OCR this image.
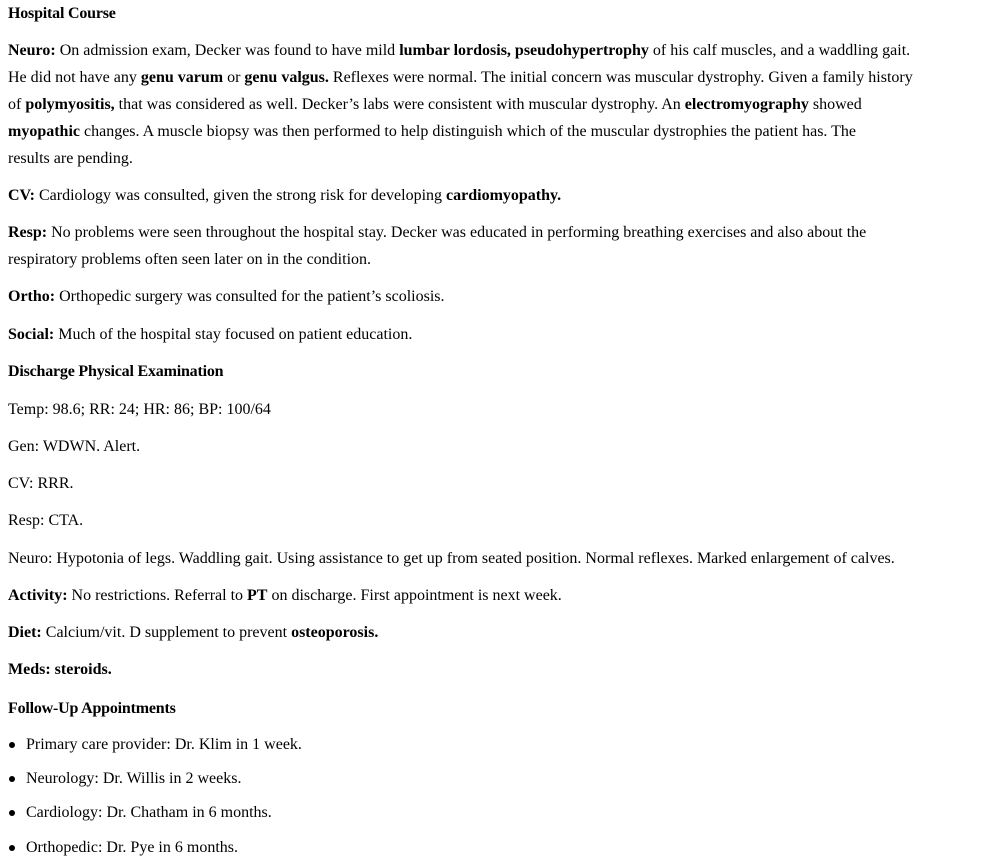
Hospital Course
Neuro: On admission exam, Decker was found to have mild lumbar lordosis, pseudohypertrophy of his calf muscles, and a waddling gait.
He did not have any genu varum or genu valgus. Reflexes were normal. The initial concern was muscular dystrophy. Given a family history
of polymyositis, that was considered as well. Decker’s labs were consistent with muscular dystrophy. An electromyography showed
myopathic changes. A muscle biopsy was then performed to help distinguish which of the muscular dystrophies the patient has. The
results are pending.
CV: Cardiology was consulted, given the strong risk for developing cardiomyopathy.
Resp: No problems were seen throughout the hospital stay. Decker was educated in performing breathing exercises and also about the
respiratory problems often seen later on in the condition.
Ortho: Orthopedic surgery was consulted for the patient’s scoliosis.
Social: Much of the hospital stay focused on patient education.
Discharge Physical Examination
Temp: 98.6; RR: 24; HR: 86; BP: 100/64
Gen: WDWN. Alert.
CV: RRR.
Resp: CTA.
Neuro: Hypotonia of legs. Waddling gait. Using assistance to get up from seated position. Normal reflexes. Marked enlargement of calves.
Activity: No restrictions. Referral to PT on discharge. First appointment is next week.
Diet: Calcium/vit. D supplement to prevent osteoporosis.
Meds: steroids.
Follow-Up Appointments
Primary care provider: Dr. Klim in 1 week.
Neurology: Dr. Willis in 2 weeks.
Cardiology: Dr. Chatham in 6 months.
Orthopedic: Dr. Pye in 6 months.
